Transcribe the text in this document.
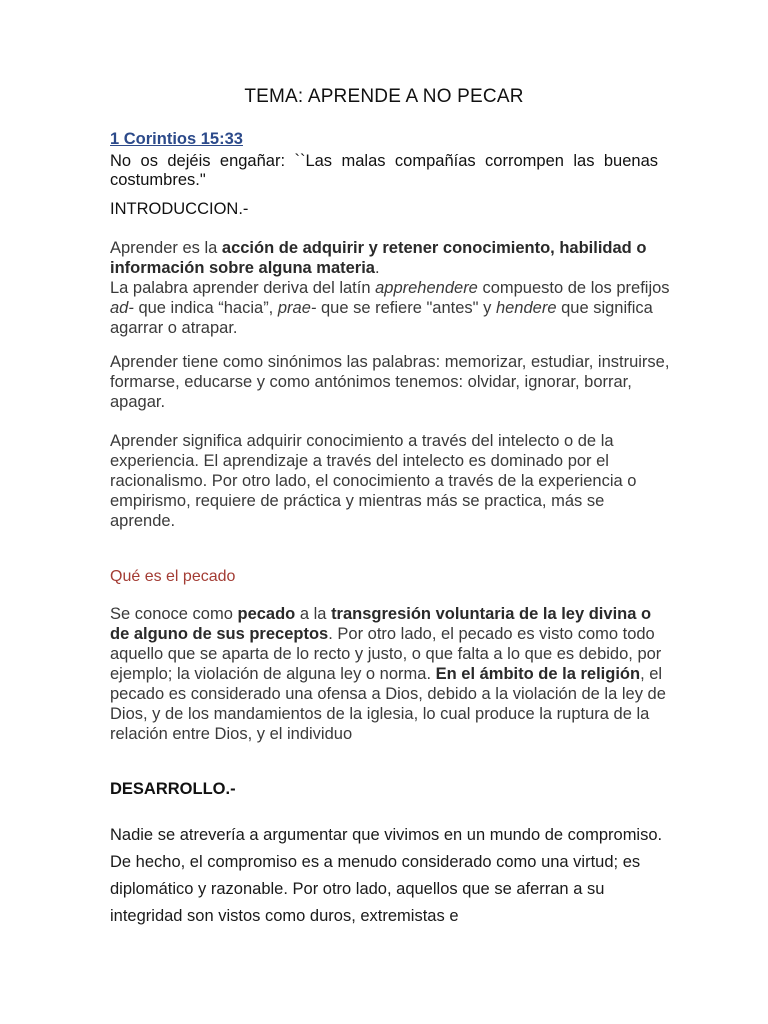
TEMA: APRENDE A NO PECAR
1 Corintios 15:33
No os dejéis engañar: ``Las malas compañías corrompen las buenas costumbres."
INTRODUCCION.-
Aprender es la acción de adquirir y retener conocimiento, habilidad o información sobre alguna materia.
La palabra aprender deriva del latín apprehendere compuesto de los prefijos ad- que indica “hacia”, prae- que se refiere "antes" y hendere que significa agarrar o atrapar.
Aprender tiene como sinónimos las palabras: memorizar, estudiar, instruirse, formarse, educarse y como antónimos tenemos: olvidar, ignorar, borrar, apagar.
Aprender significa adquirir conocimiento a través del intelecto o de la experiencia. El aprendizaje a través del intelecto es dominado por el racionalismo. Por otro lado, el conocimiento a través de la experiencia o empirismo, requiere de práctica y mientras más se practica, más se aprende.
Qué es el pecado
Se conoce como pecado a la transgresión voluntaria de la ley divina o de alguno de sus preceptos. Por otro lado, el pecado es visto como todo aquello que se aparta de lo recto y justo, o que falta a lo que es debido, por ejemplo; la violación de alguna ley o norma. En el ámbito de la religión, el pecado es considerado una ofensa a Dios, debido a la violación de la ley de Dios, y de los mandamientos de la iglesia, lo cual produce la ruptura de la relación entre Dios, y el individuo
DESARROLLO.-
Nadie se atrevería a argumentar que vivimos en un mundo de compromiso. De hecho, el compromiso es a menudo considerado como una virtud; es diplomático y razonable. Por otro lado, aquellos que se aferran a su integridad son vistos como duros, extremistas e
